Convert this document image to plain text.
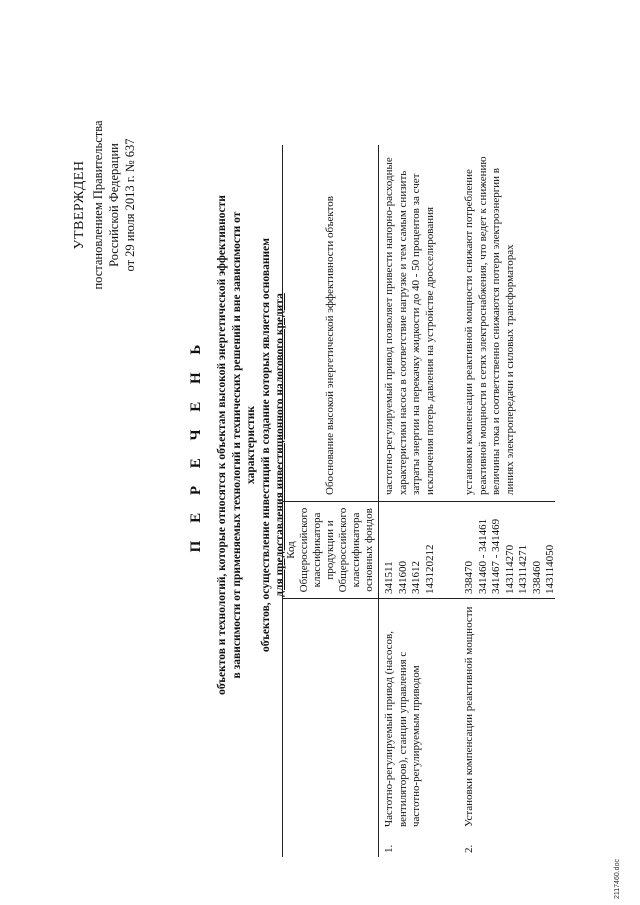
УТВЕРЖДЕН постановлением Правительства Российской Федерации от 29 июля 2013 г. № 637
П Е Р Е Ч Е Н Ь объектов и технологий, которые относятся к объектам высокой энергетической эффективности в зависимости от применяемых технологий и технических решений и вне зависимости от характеристик объектов, осуществление инвестиций в создание которых является основанием для предоставления инвестиционного налогового кредита Код Общероссийского классификатора продукции и Общероссийского классификатора основных фондов
Обоснование высокой энергетической эффективности объектов
1.
Частотно-регулируемый привод (насосов, вентиляторов), станции управления с частотно-регулируемым приводом
341511 341600 341612 143120212
частотно-регулируемый привод позволяет привести напорно-расходные характеристики насоса в соответствие нагрузке и тем самым снизить затраты энергии на перекачку жидкости до 40 - 50 процентов за счет исключения потерь давления на устройстве дросселирования
2.
Установки компенсации реактивной мощности
338470 341460 - 341461 341467 - 341469 143114270 143114271 338460 143114050
установки компенсации реактивной мощности снижают потребление реактивной мощности в сетях электроснабжения, что ведет к снижению величины тока и соответственно снижаются потери электроэнергии в линиях электропередачи и силовых трансформаторах
2117460.doc
